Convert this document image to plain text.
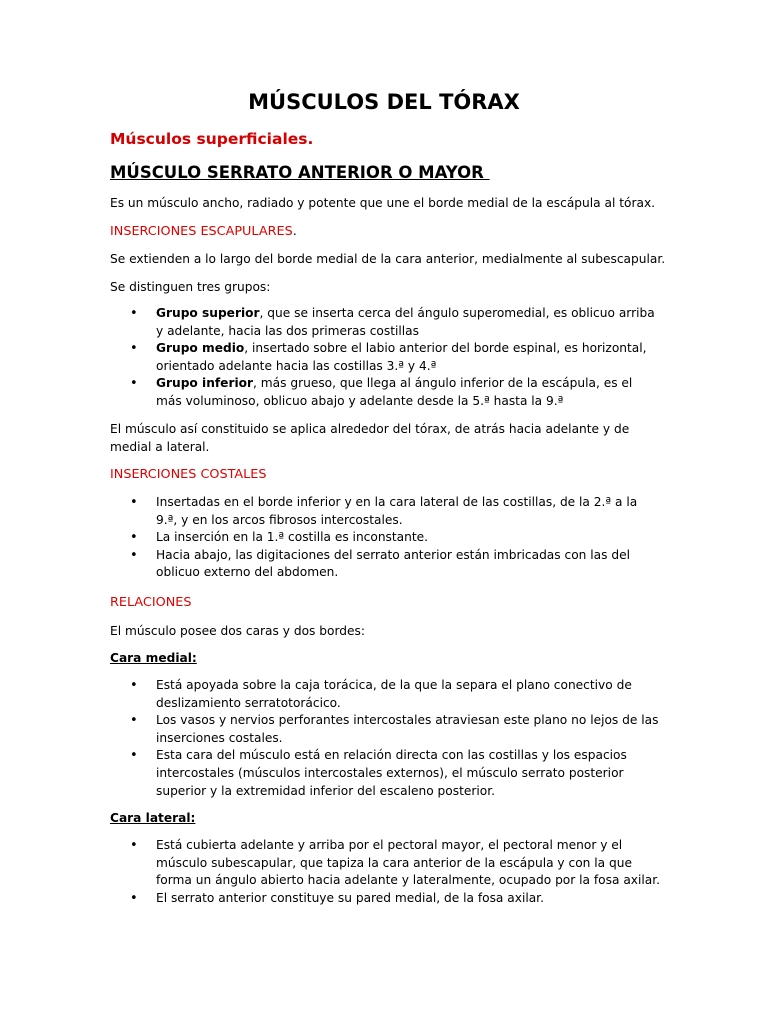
MÚSCULOS DEL TÓRAX
Músculos superficiales.
MÚSCULO SERRATO ANTERIOR O MAYOR

Es un músculo ancho, radiado y potente que une el borde medial de la escápula al tórax.

INSERCIONES ESCAPULARES.

Se extienden a lo largo del borde medial de la cara anterior, medialmente al subescapular.

Se distinguen tres grupos:

• Grupo superior, que se inserta cerca del ángulo superomedial, es oblicuo arriba y adelante, hacia las dos primeras costillas
• Grupo medio, insertado sobre el labio anterior del borde espinal, es horizontal, orientado adelante hacia las costillas 3.ª y 4.ª
• Grupo inferior, más grueso, que llega al ángulo inferior de la escápula, es el más voluminoso, oblicuo abajo y adelante desde la 5.ª hasta la 9.ª

El músculo así constituido se aplica alrededor del tórax, de atrás hacia adelante y de medial a lateral.

INSERCIONES COSTALES

• Insertadas en el borde inferior y en la cara lateral de las costillas, de la 2.ª a la 9.ª, y en los arcos fibrosos intercostales.
• La inserción en la 1.ª costilla es inconstante.
• Hacia abajo, las digitaciones del serrato anterior están imbricadas con las del oblicuo externo del abdomen.

RELACIONES

El músculo posee dos caras y dos bordes:

Cara medial:

• Está apoyada sobre la caja torácica, de la que la separa el plano conectivo de deslizamiento serratotorácico.
• Los vasos y nervios perforantes intercostales atraviesan este plano no lejos de las inserciones costales.
• Esta cara del músculo está en relación directa con las costillas y los espacios intercostales (músculos intercostales externos), el músculo serrato posterior superior y la extremidad inferior del escaleno posterior.

Cara lateral:

• Está cubierta adelante y arriba por el pectoral mayor, el pectoral menor y el músculo subescapular, que tapiza la cara anterior de la escápula y con la que forma un ángulo abierto hacia adelante y lateralmente, ocupado por la fosa axilar.
• El serrato anterior constituye su pared medial, de la fosa axilar.
